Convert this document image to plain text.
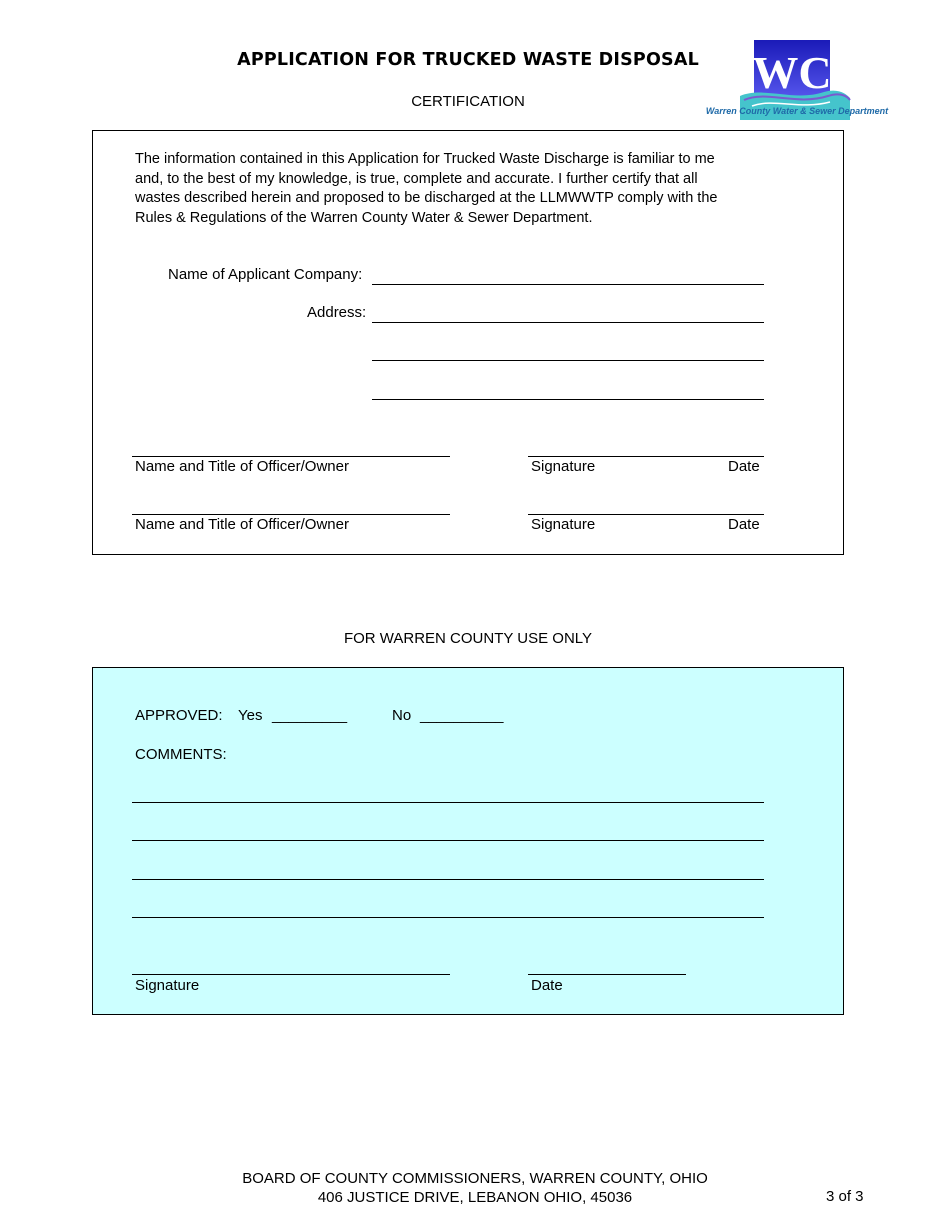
APPLICATION FOR TRUCKED WASTE DISPOSAL
CERTIFICATION
WC
Warren County Water & Sewer Department
The information contained in this Application for Trucked Waste Discharge is familiar to me
and, to the best of my knowledge, is true, complete and accurate. I further certify that all
wastes described herein and proposed to be discharged at the LLMWWTP comply with the
Rules & Regulations of the Warren County Water & Sewer Department.
Name of Applicant Company:
Address:
Name and Title of Officer/Owner	Signature	Date
Name and Title of Officer/Owner	Signature	Date
FOR WARREN COUNTY USE ONLY
APPROVED: Yes _________	No __________
COMMENTS:
Signature	Date
BOARD OF COUNTY COMMISSIONERS, WARREN COUNTY, OHIO
406 JUSTICE DRIVE, LEBANON OHIO, 45036	3 of 3
